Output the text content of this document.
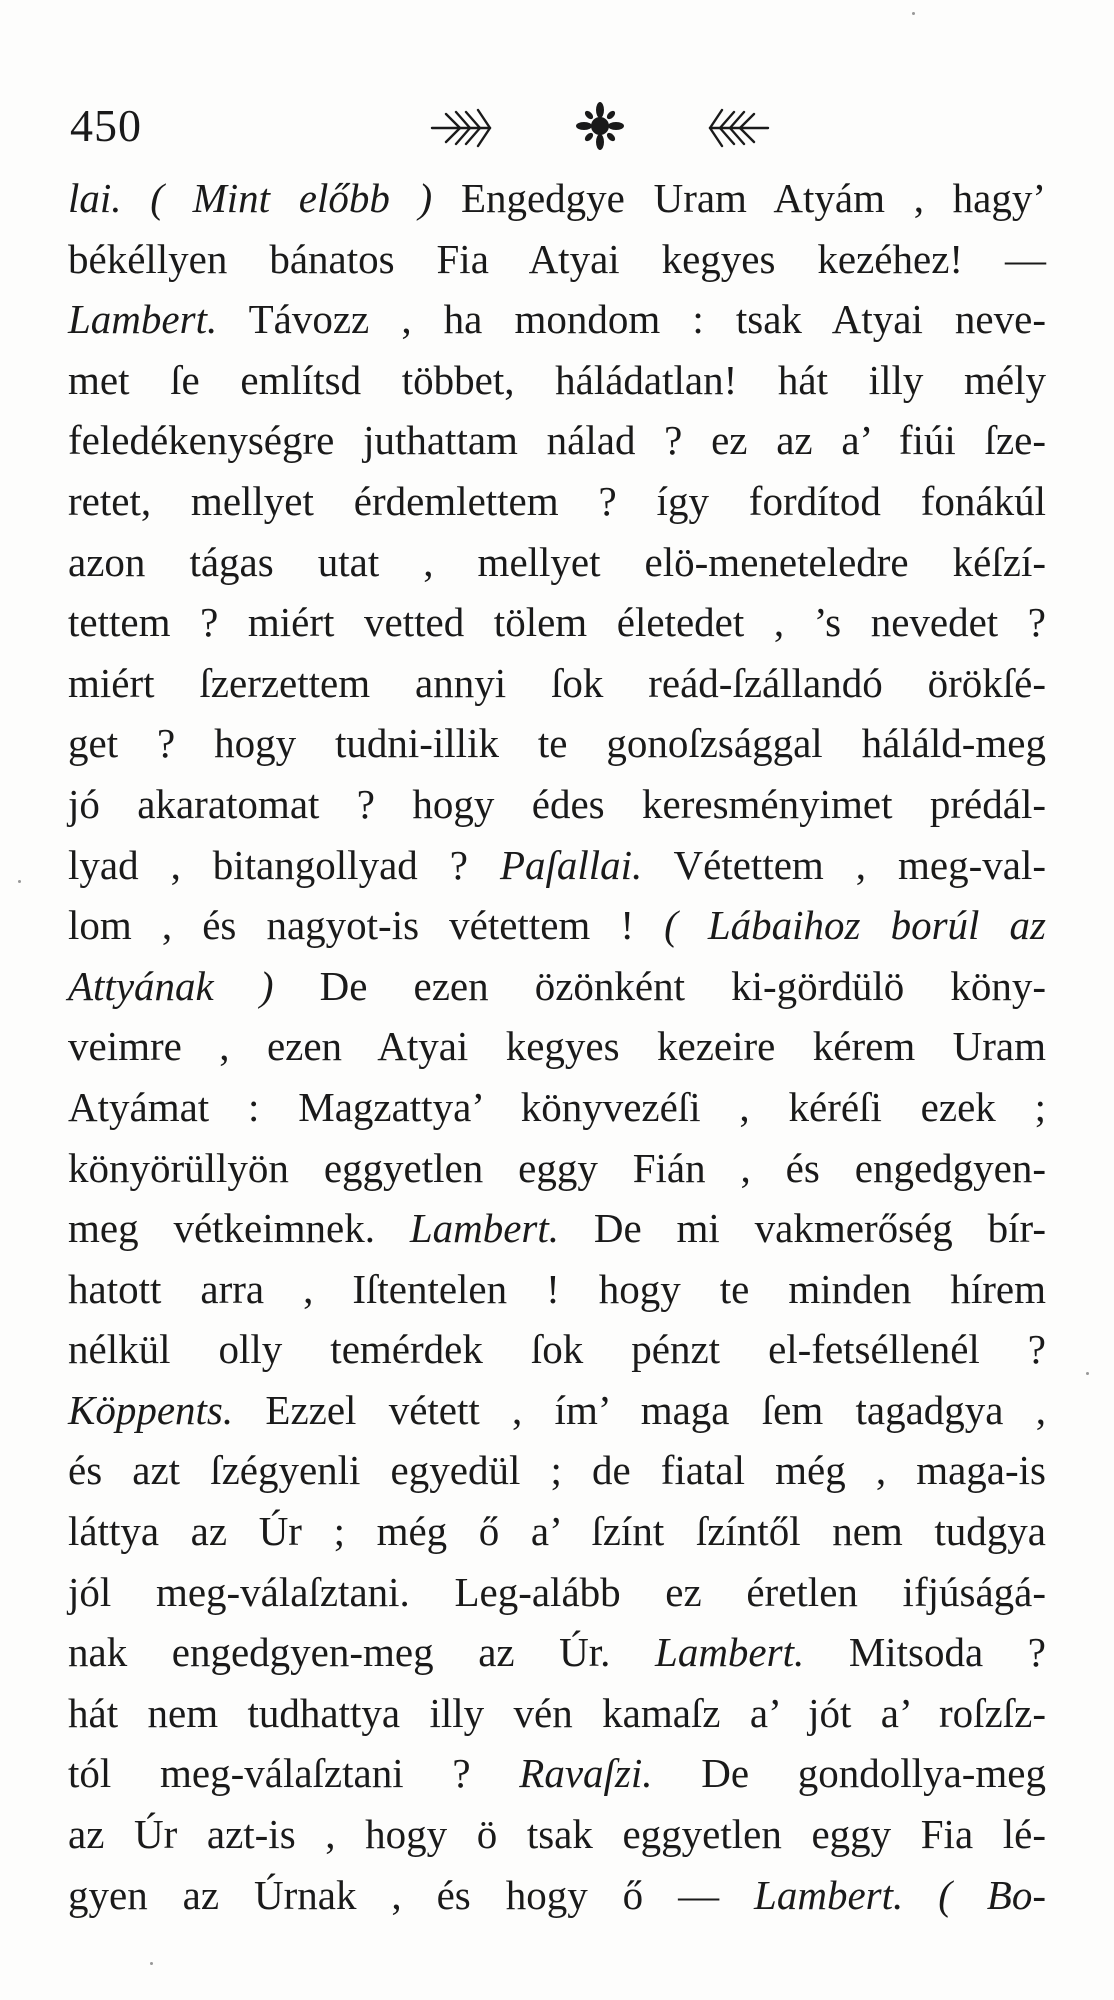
450
lai. ( Mint előbb ) Engedgye Uram Atyám , hagy’
békéllyen bánatos Fia Atyai kegyes kezéhez! —
Lambert. Távozz , ha mondom : tsak Atyai neve-
met ſe említsd többet, háládatlan! hát illy mély
feledékenységre juthattam nálad ? ez az a’ fiúi ſze-
retet, mellyet érdemlettem ? így fordítod fonákúl
azon tágas utat , mellyet elö-meneteledre kéſzí-
tettem ? miért vetted tölem életedet , ’s nevedet ?
miért ſzerzettem annyi ſok reád-ſzállandó örökſé-
get ? hogy tudni-illik te gonoſzsággal háláld-meg
jó akaratomat ? hogy édes keresményimet prédál-
lyad , bitangollyad ? Paſallai. Vétettem , meg-val-
lom , és nagyot-is vétettem ! ( Lábaihoz borúl az
Attyának ) De ezen özönként ki-gördülö köny-
veimre , ezen Atyai kegyes kezeire kérem Uram
Atyámat : Magzattya’ könyvezéſi , kéréſi ezek ;
könyörüllyön eggyetlen eggy Fián , és engedgyen-
meg vétkeimnek. Lambert. De mi vakmerőség bír-
hatott arra , Iſtentelen ! hogy te minden hírem
nélkül olly temérdek ſok pénzt el-fetséllenél ?
Köppents. Ezzel vétett , ím’ maga ſem tagadgya ,
és azt ſzégyenli egyedül ; de fiatal még , maga-is
láttya az Úr ; még ő a’ ſzínt ſzíntől nem tudgya
jól meg-válaſztani. Leg-alább ez éretlen ifjúságá-
nak engedgyen-meg az Úr. Lambert. Mitsoda ?
hát nem tudhattya illy vén kamaſz a’ jót a’ roſzſz-
tól meg-válaſztani ? Ravaſzi. De gondollya-meg
az Úr azt-is , hogy ö tsak eggyetlen eggy Fia lé-
gyen az Úrnak , és hogy ő — Lambert. ( Bo-
